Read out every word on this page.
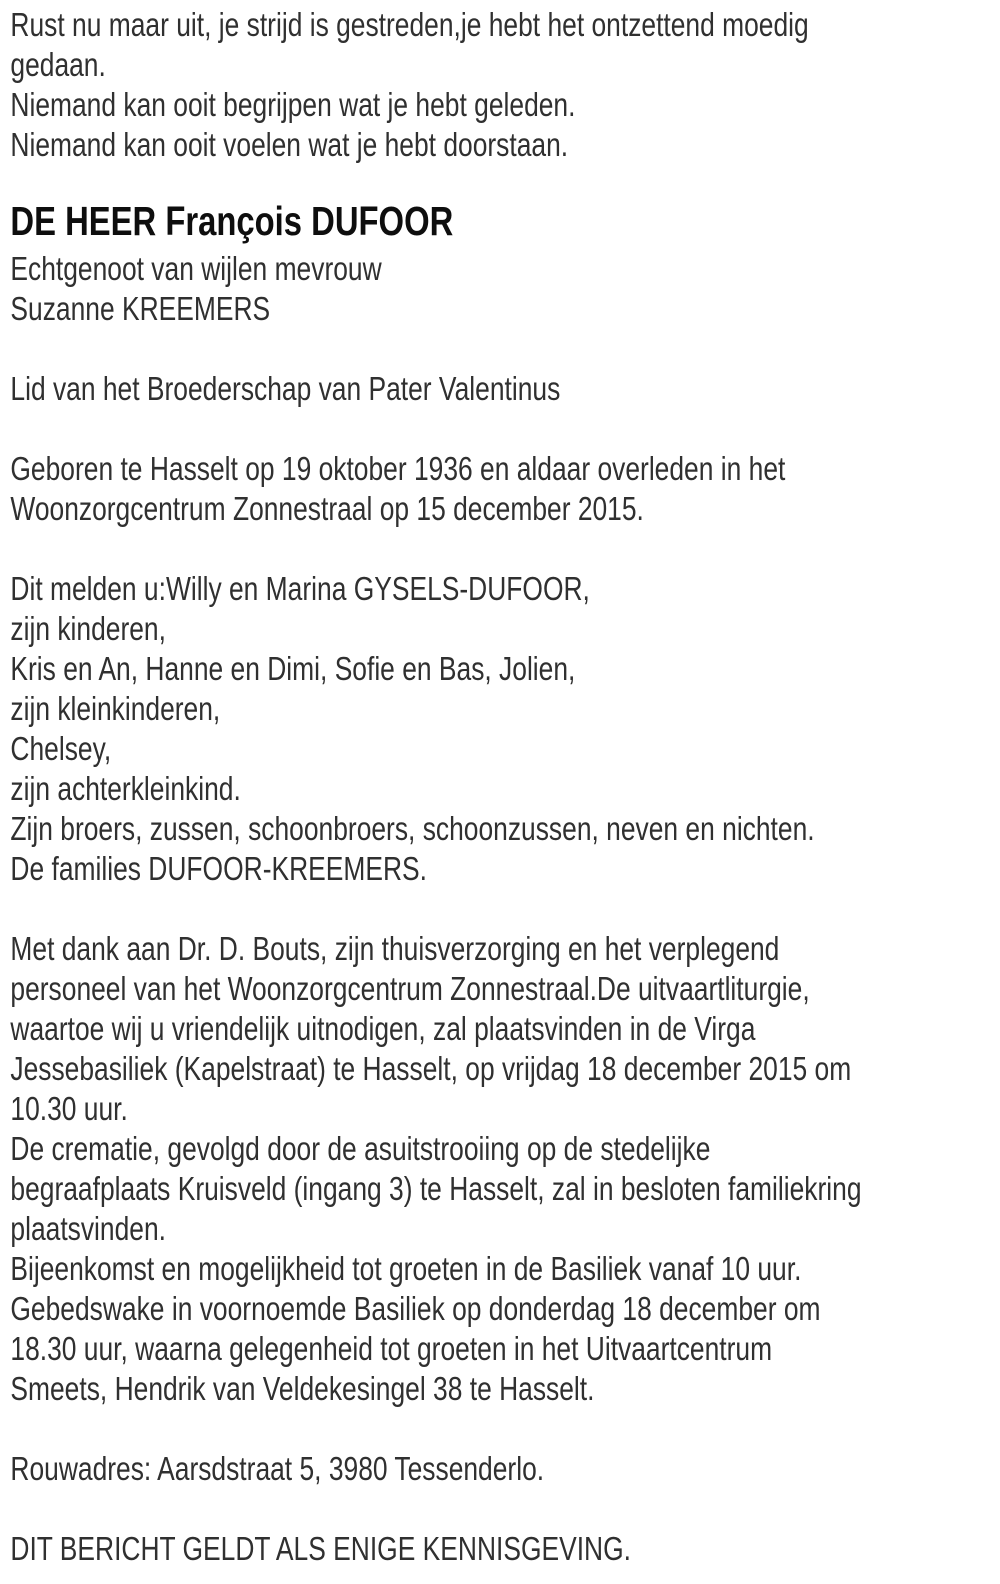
Rust nu maar uit, je strijd is gestreden,je hebt het ontzettend moedig
gedaan.
Niemand kan ooit begrijpen wat je hebt geleden.
Niemand kan ooit voelen wat je hebt doorstaan.
DE HEER François DUFOOR
Echtgenoot van wijlen mevrouw
Suzanne KREEMERS
Lid van het Broederschap van Pater Valentinus
Geboren te Hasselt op 19 oktober 1936 en aldaar overleden in het
Woonzorgcentrum Zonnestraal op 15 december 2015.
Dit melden u:Willy en Marina GYSELS-DUFOOR,
zijn kinderen,
Kris en An, Hanne en Dimi, Sofie en Bas, Jolien,
zijn kleinkinderen,
Chelsey,
zijn achterkleinkind.
Zijn broers, zussen, schoonbroers, schoonzussen, neven en nichten.
De families DUFOOR-KREEMERS.
Met dank aan Dr. D. Bouts, zijn thuisverzorging en het verplegend
personeel van het Woonzorgcentrum Zonnestraal.De uitvaartliturgie,
waartoe wij u vriendelijk uitnodigen, zal plaatsvinden in de Virga
Jessebasiliek (Kapelstraat) te Hasselt, op vrijdag 18 december 2015 om
10.30 uur.
De crematie, gevolgd door de asuitstrooiing op de stedelijke
begraafplaats Kruisveld (ingang 3) te Hasselt, zal in besloten familiekring
plaatsvinden.
Bijeenkomst en mogelijkheid tot groeten in de Basiliek vanaf 10 uur.
Gebedswake in voornoemde Basiliek op donderdag 18 december om
18.30 uur, waarna gelegenheid tot groeten in het Uitvaartcentrum
Smeets, Hendrik van Veldekesingel 38 te Hasselt.
Rouwadres: Aarsdstraat 5, 3980 Tessenderlo.
DIT BERICHT GELDT ALS ENIGE KENNISGEVING.
